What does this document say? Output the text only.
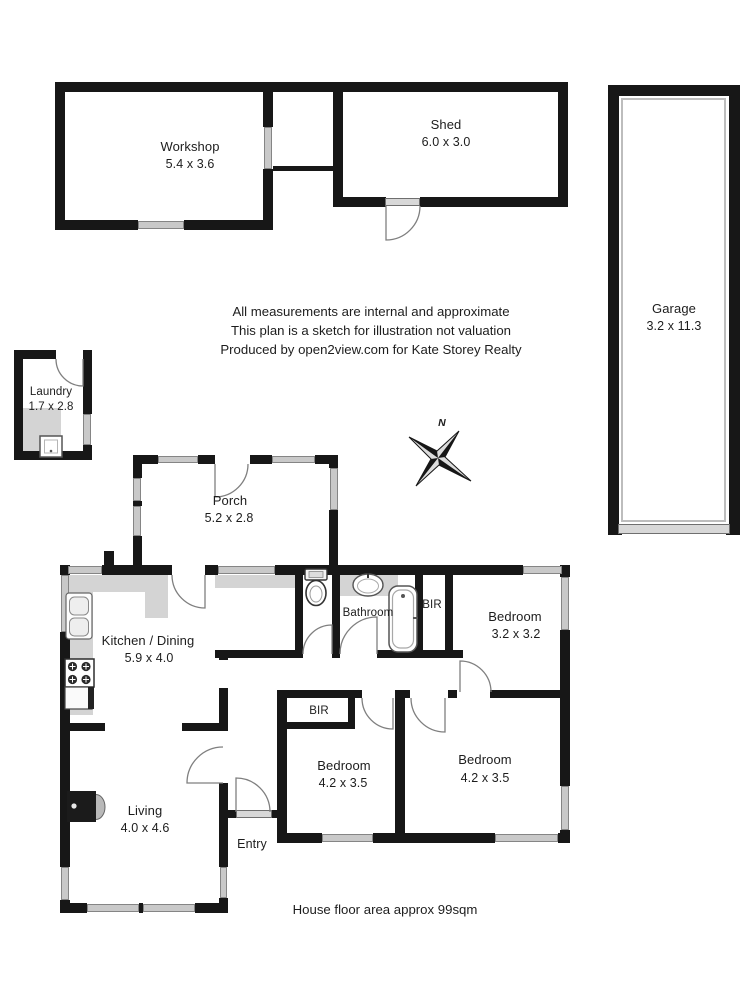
Workshop
5.4 x 3.6
Shed
6.0 x 3.0
Garage
3.2 x 11.3
Laundry
1.7 x 2.8
Porch
5.2 x 2.8
Kitchen / Dining
5.9 x 4.0
Bathroom
BIR
Bedroom
3.2 x 3.2
BIR
Bedroom
4.2 x 3.5
Bedroom
4.2 x 3.5
Living
4.0 x 4.6
Entry
N
All measurements are internal and approximate
This plan is a sketch for illustration not valuation
Produced by open2view.com for Kate Storey Realty
House floor area approx 99sqm
